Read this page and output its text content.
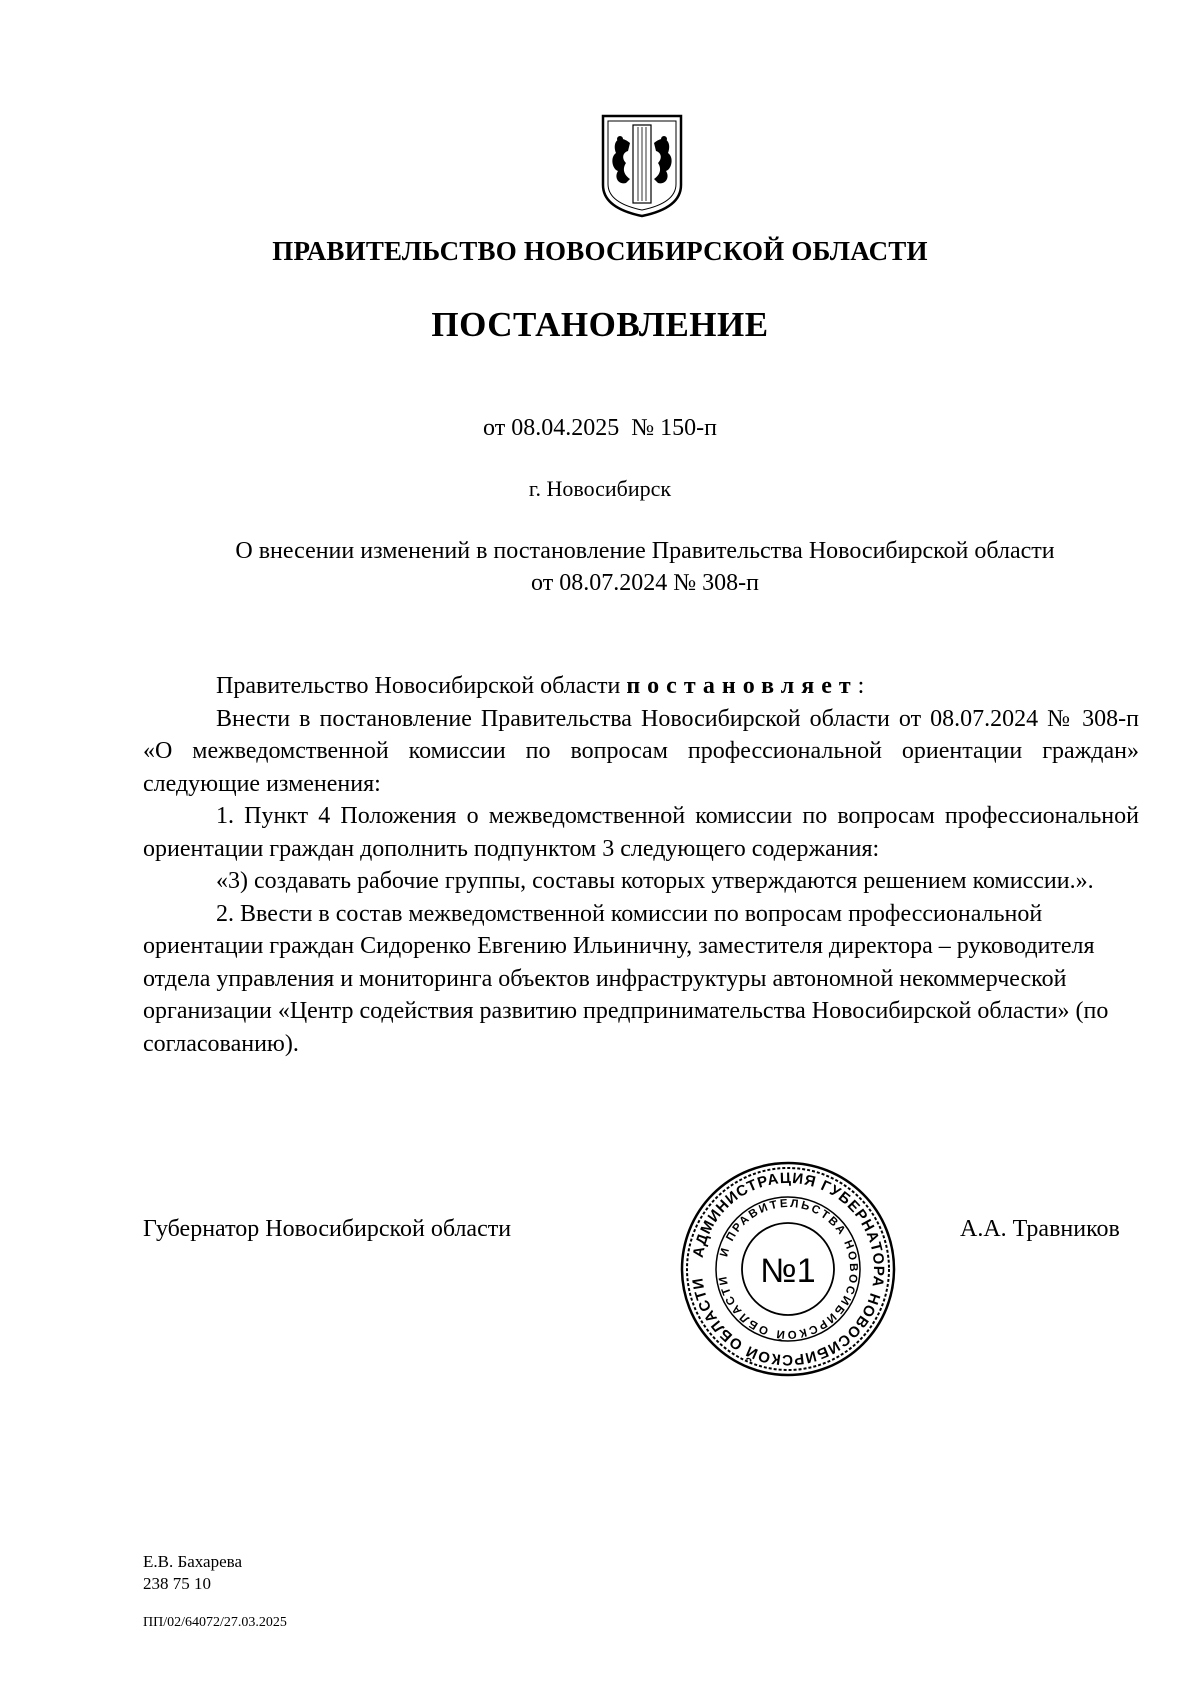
ПРАВИТЕЛЬСТВО НОВОСИБИРСКОЙ ОБЛАСТИ
ПОСТАНОВЛЕНИЕ
от 08.04.2025 № 150-п
г. Новосибирск
О внесении изменений в постановление Правительства Новосибирской области
от 08.07.2024 № 308-п

Правительство Новосибирской области постановляет:

Внести в постановление Правительства Новосибирской области от 08.07.2024 № 308-п «О межведомственной комиссии по вопросам профессиональной ориентации граждан» следующие изменения:

1. Пункт 4 Положения о межведомственной комиссии по вопросам профессиональной ориентации граждан дополнить подпунктом 3 следующего содержания:

«3) создавать рабочие группы, составы которых утверждаются решением комиссии.».

2. Ввести в состав межведомственной комиссии по вопросам профессиональной ориентации граждан Сидоренко Евгению Ильиничну, заместителя директора – руководителя отдела управления и мониторинга объектов инфраструктуры автономной некоммерческой организации «Центр содействия развитию предпринимательства Новосибирской области» (по согласованию).

Губернатор Новосибирской области
АДМИНИСТРАЦИЯ ГУБЕРНАТОРА НОВОСИБИРСКОЙ ОБЛАСТИ
И ПРАВИТЕЛЬСТВА НОВОСИБИРСКОЙ ОБЛАСТИ №1
А.А. Травников
Е.В. Бахарева
238 75 10
ПП/02/64072/27.03.2025
